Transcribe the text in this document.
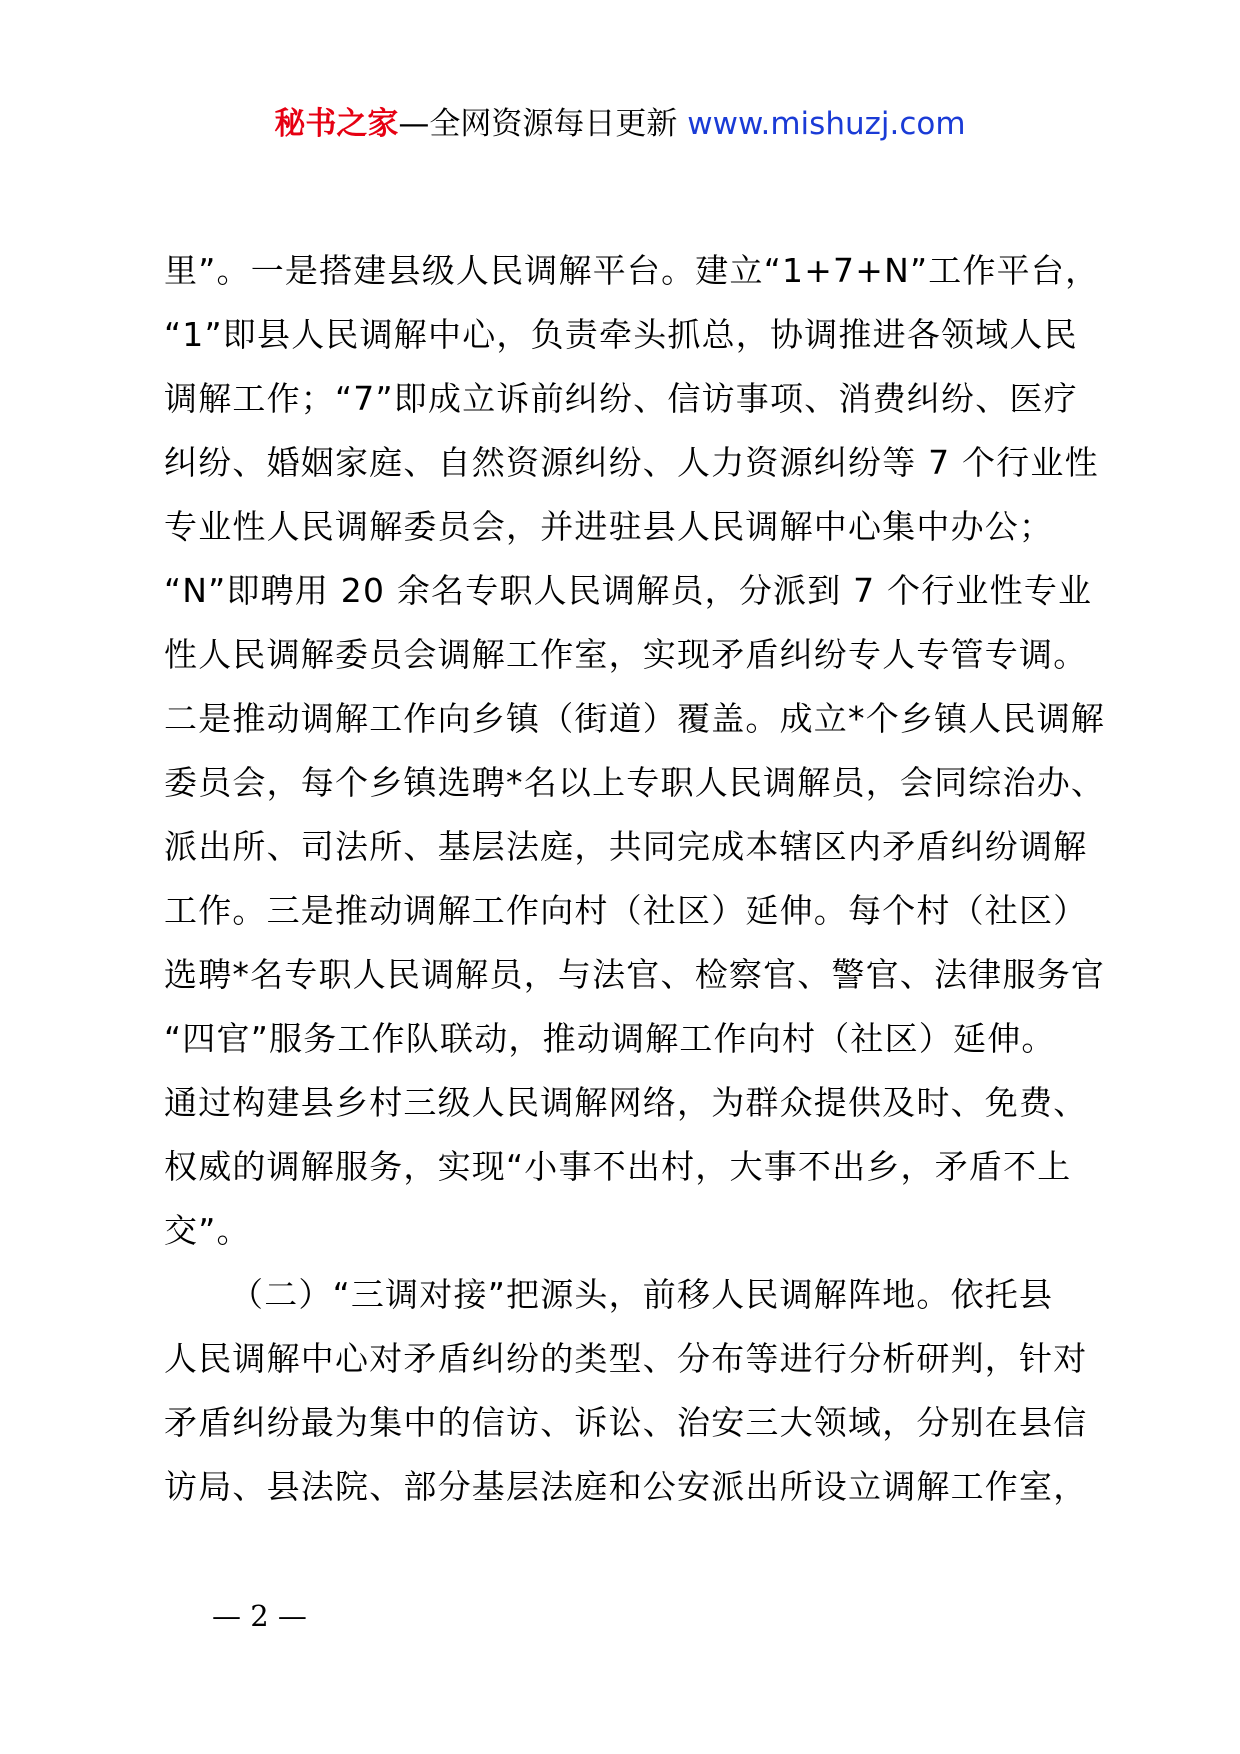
秘书之家—全网资源每日更新 www.mishuzj.com
里”。一是搭建县级人民调解平台。建立“1+7+N”工作平台，
“1”即县人民调解中心，负责牵头抓总，协调推进各领域人民
调解工作；“7”即成立诉前纠纷、信访事项、消费纠纷、医疗
纠纷、婚姻家庭、自然资源纠纷、人力资源纠纷等 7 个行业性
专业性人民调解委员会，并进驻县人民调解中心集中办公；
“N”即聘用 20 余名专职人民调解员，分派到 7 个行业性专业
性人民调解委员会调解工作室，实现矛盾纠纷专人专管专调。
二是推动调解工作向乡镇（街道）覆盖。成立*个乡镇人民调解
委员会，每个乡镇选聘*名以上专职人民调解员，会同综治办、
派出所、司法所、基层法庭，共同完成本辖区内矛盾纠纷调解
工作。三是推动调解工作向村（社区）延伸。每个村（社区）
选聘*名专职人民调解员，与法官、检察官、警官、法律服务官
“四官”服务工作队联动，推动调解工作向村（社区）延伸。
通过构建县乡村三级人民调解网络，为群众提供及时、免费、
权威的调解服务，实现“小事不出村，大事不出乡，矛盾不上
交”。
（二）“三调对接”把源头，前移人民调解阵地。依托县
人民调解中心对矛盾纠纷的类型、分布等进行分析研判，针对
矛盾纠纷最为集中的信访、诉讼、治安三大领域，分别在县信
访局、县法院、部分基层法庭和公安派出所设立调解工作室，
— 2 —
